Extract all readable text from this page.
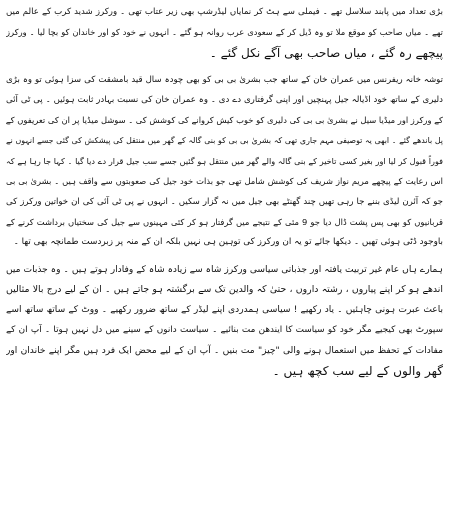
بڑی تعداد میں پابند سلاسل تھے ۔ فیملی سے ہٹ کر نمایاں لیڈرشپ بھی زیر عتاب تھی ۔ ورکرز شدید کرب کے عالم میں
تھے ۔ میاں صاحب کو موقع ملا تو وہ ڈیل کر کے سعودی عرب روانہ ہو گئے ۔ انہوں نے خود کو اور خاندان کو بچا لیا ۔ ورکرز
پیچھے رہ گئے ، میاں صاحب بھی آگے نکل گئے ۔
توشہ خانہ ریفرنس میں عمران خان کے ساتھ جب بشریٰ بی بی کو بھی چودہ سال قید بامشقت کی سزا ہوئی تو وہ بڑی
دلیری کے ساتھ خود اڈیالہ جیل پہنچیں اور اپنی گرفتاری دے دی ۔ وہ عمران خان کی نسبت بہادر ثابت ہوئیں ۔ پی ٹی آئی
کے ورکرز اور میڈیا سیل نے بشریٰ بی بی کی دلیری کو خوب کیش کروانے کی کوشش کی ۔ سوشل میڈیا پر ان کی تعریفوں کے
پل باندھے گئے ۔ ابھی یہ توصیفی مہم جاری تھی کہ بشریٰ بی بی کو بنی گالہ کے گھر میں منتقل کی پیشکش کی گئی جسے انہوں نے
فوراً قبول کر لیا اور بغیر کسی تاخیر کے بنی گالہ والے گھر میں منتقل ہو گئیں جسے سب جیل قرار دے دیا گیا ۔ کہا جا رہا ہے کہ
اس رعایت کے پیچھے مریم نواز شریف کی کوشش شامل تھی جو بذات خود جیل کی صعوبتوں سے واقف ہیں ۔ بشریٰ بی بی
جو کہ آئرن لیڈی بننے جا رہی تھیں چند گھنٹے بھی جیل میں نہ گزار سکیں ۔ انہوں نے پی ٹی آئی کی ان خواتین ورکرز کی
قربانیوں کو بھی پس پشت ڈال دیا جو 9 مئی کے نتیجے میں گرفتار ہو کر کئی مہینوں سے جیل کی سختیاں برداشت کرنے کے
باوجود ڈٹی ہوئی تھیں ۔ دیکھا جائے تو یہ ان ورکرز کی توہین ہی نہیں بلکہ ان کے منہ پر زبردست طمانچہ بھی تھا ۔
ہمارے ہاں عام غیر تربیت یافتہ اور جذباتی سیاسی ورکرز شاہ سے زیادہ شاہ کے وفادار ہوتے ہیں ۔ وہ جذبات میں
اندھے ہو کر اپنے پیاروں ، رشتہ داروں ، حتیٰ کہ والدین تک سے برگشتہ ہو جاتے ہیں ۔ ان کے لیے درج بالا مثالیں
باعث عبرت ہونی چاہئیں ۔ یاد رکھیے ! سیاسی ہمدردی اپنے لیڈر کے ساتھ ضرور رکھیے ۔ ووٹ کے ساتھ ساتھ اسے
سپورٹ بھی کیجیے مگر خود کو سیاست کا ایندھن مت بنائیے ۔ سیاست دانوں کے سینے میں دل نہیں ہوتا ۔ آپ ان کے
مفادات کے تحفظ میں استعمال ہونے والی "چیز" مت بنیں ۔ آپ ان کے لیے محض ایک فرد ہیں مگر اپنے خاندان اور
گھر والوں کے لیے سب کچھ ہیں ۔
